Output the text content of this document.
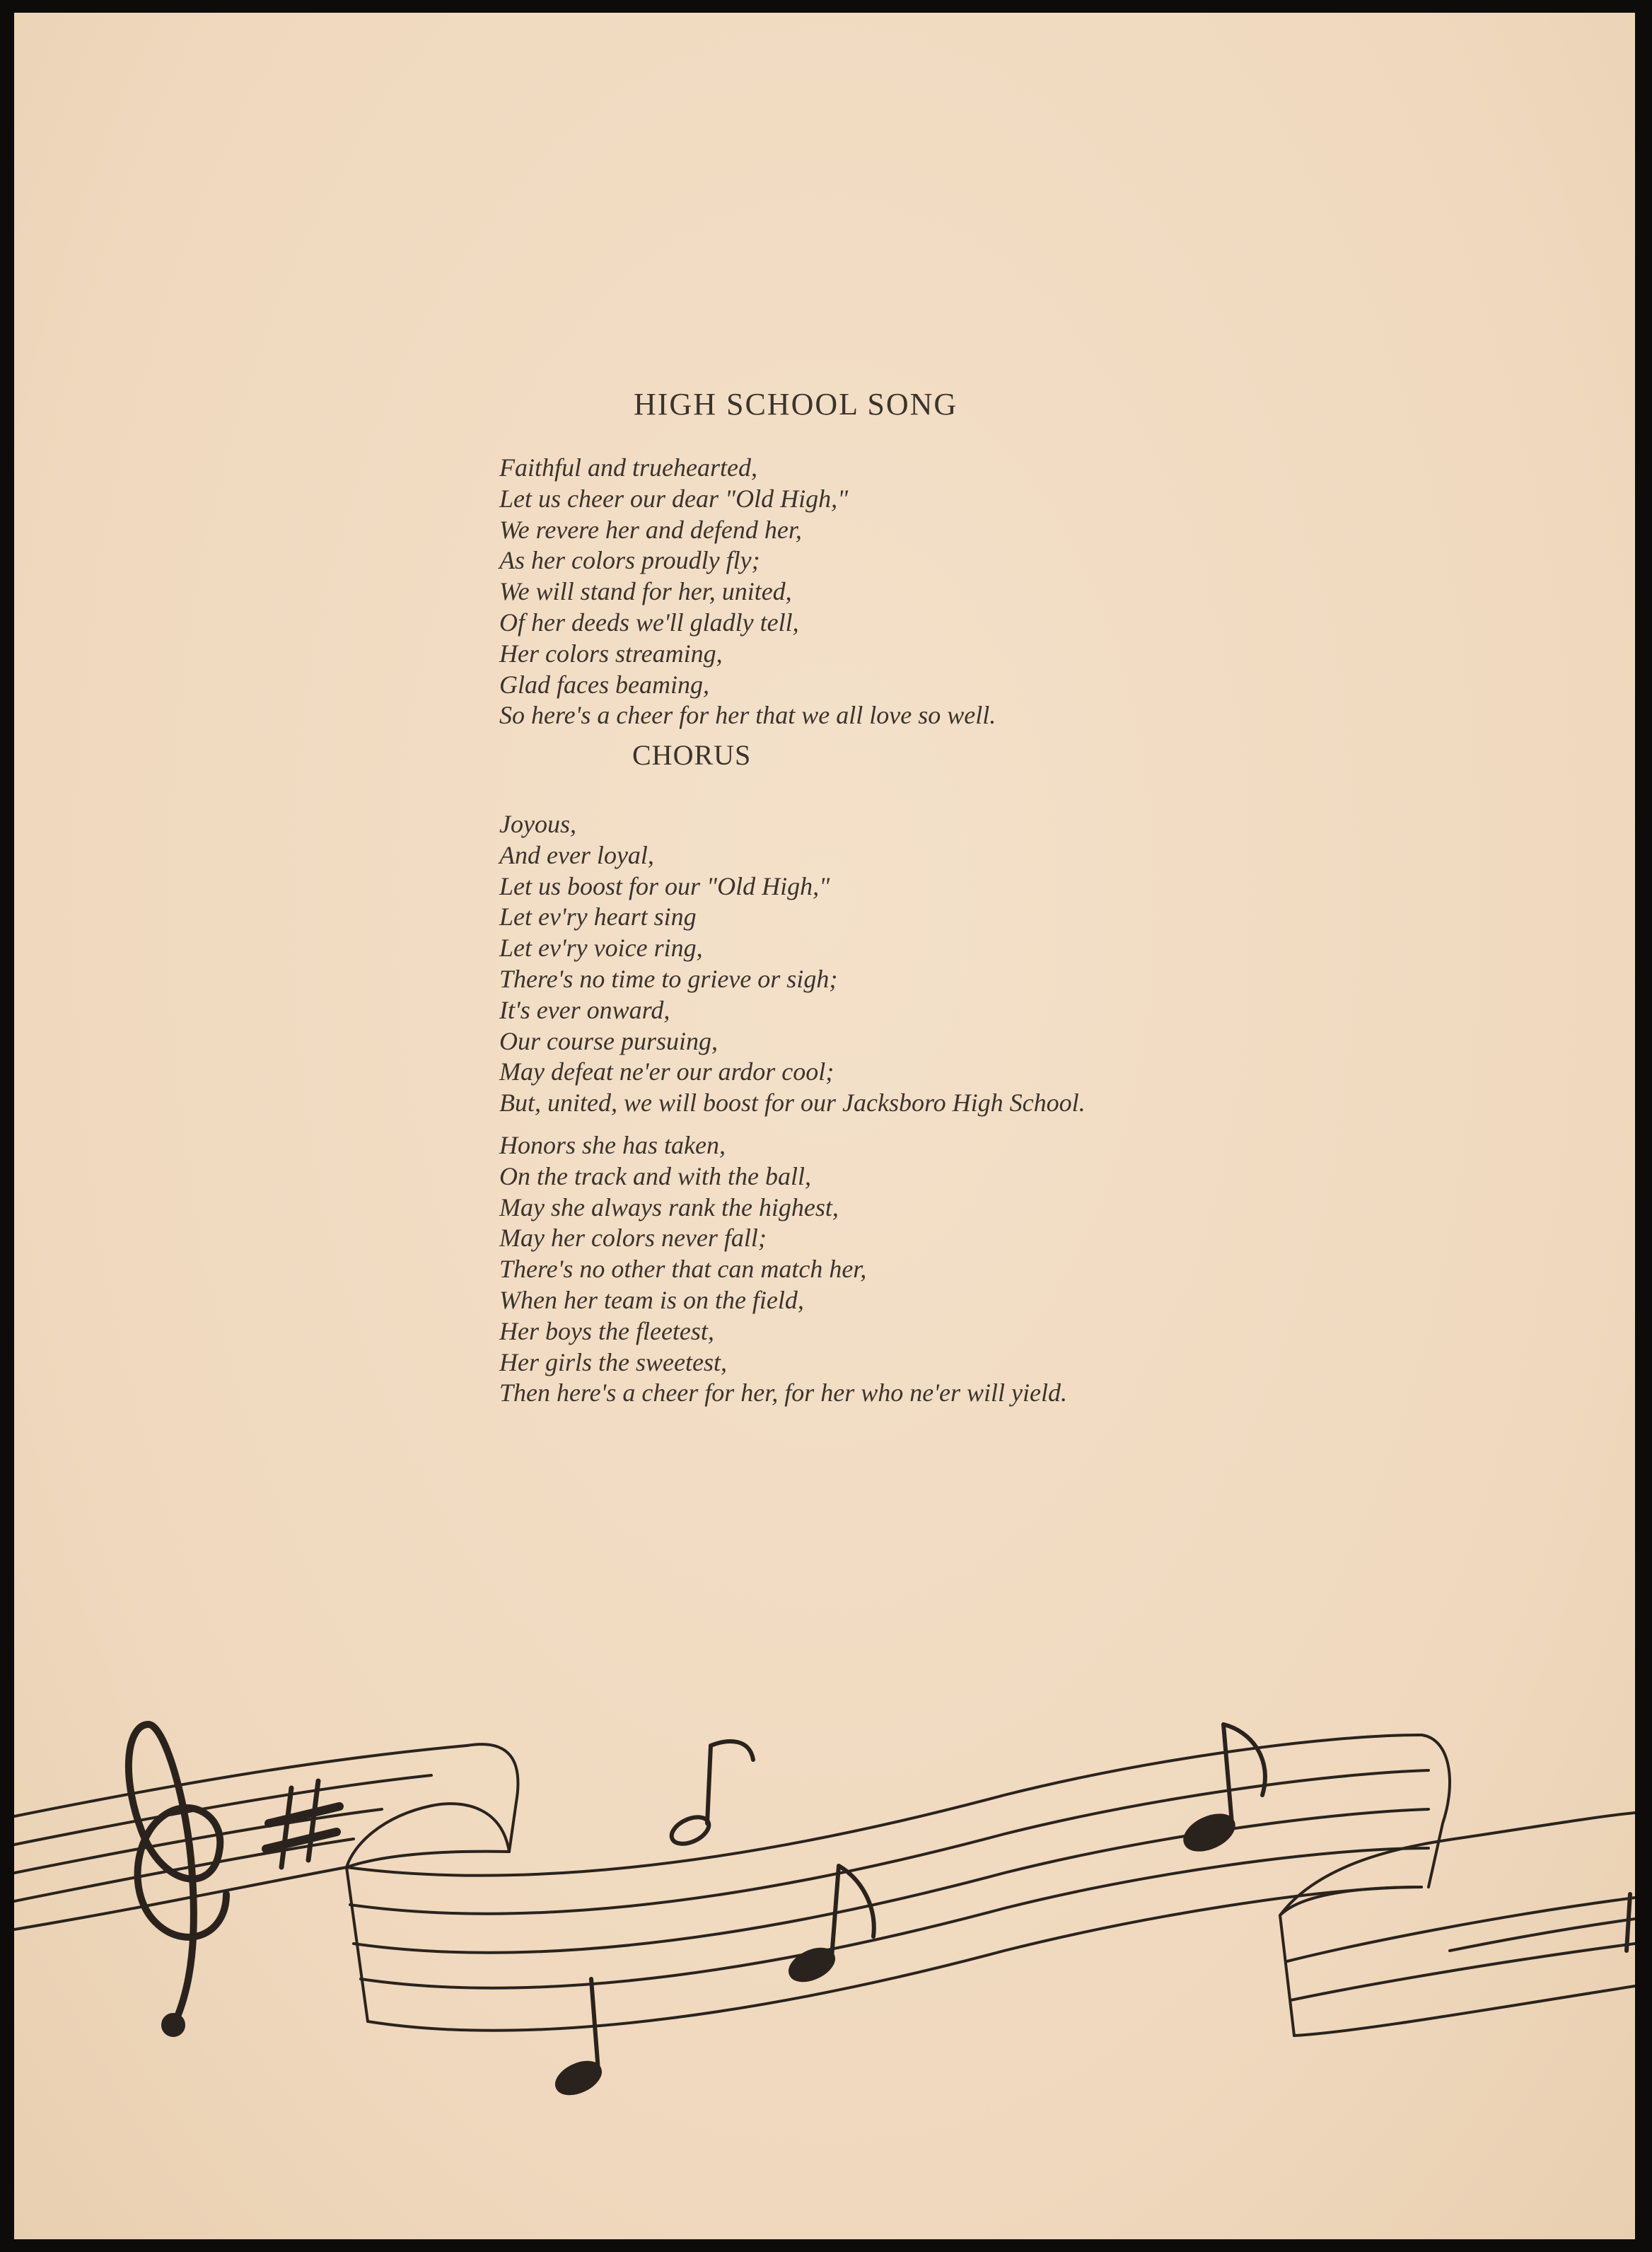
HIGH SCHOOL SONG
Faithful and truehearted,
Let us cheer our dear "Old High,"
We revere her and defend her,
As her colors proudly fly;
We will stand for her, united,
Of her deeds we'll gladly tell,
Her colors streaming,
Glad faces beaming,
So here's a cheer for her that we all love so well.
CHORUS
Joyous,
And ever loyal,
Let us boost for our "Old High,"
Let ev'ry heart sing
Let ev'ry voice ring,
There's no time to grieve or sigh;
It's ever onward,
Our course pursuing,
May defeat ne'er our ardor cool;
But, united, we will boost for our Jacksboro High School.
Honors she has taken,
On the track and with the ball,
May she always rank the highest,
May her colors never fall;
There's no other that can match her,
When her team is on the field,
Her boys the fleetest,
Her girls the sweetest,
Then here's a cheer for her, for her who ne'er will yield.
